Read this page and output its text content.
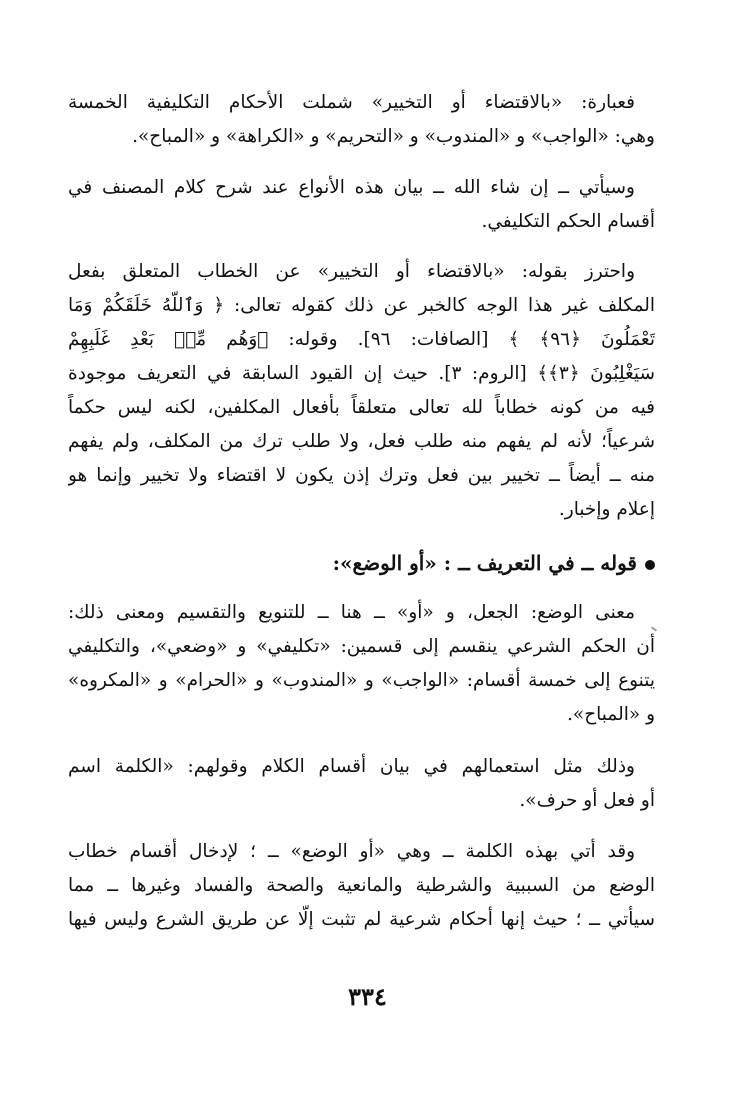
فعبارة: «بالاقتضاء أو التخيير» شملت الأحكام التكليفية الخمسة
وهي: «الواجب» و «المندوب» و «التحريم» و «الكراهة» و «المباح».
وسيأتي ــ إن شاء الله ــ بيان هذه الأنواع عند شرح كلام المصنف في
أقسام الحكم التكليفي.
واحترز بقوله: «بالاقتضاء أو التخيير» عن الخطاب المتعلق بفعل
المكلف غير هذا الوجه كالخبر عن ذلك كقوله تعالى: ﴿ وَٱللَّهُ خَلَقَكُمْ وَمَا
تَعْمَلُونَ ﴿٩٦﴾ ﴾ [الصافات: ٩٦]. وقوله: ﴿وَهُم مِّنۢ بَعْدِ غَلَبِهِمْ
سَيَغْلِبُونَ ﴿٣﴾﴾ [الروم: ٣]. حيث إن القيود السابقة في التعريف موجودة
فيه من كونه خطاباً لله تعالى متعلقاً بأفعال المكلفين، لكنه ليس حكماً
شرعياً؛ لأنه لم يفهم منه طلب فعل، ولا طلب ترك من المكلف، ولم يفهم
منه ــ أيضاً ــ تخيير بين فعل وترك إذن يكون لا اقتضاء ولا تخيير وإنما هو
إعلام وإخبار.
قوله ــ في التعريف ــ : «أو الوضع»:
معنى الوضع: الجعل، و «أو» ــ هنا ــ للتنويع والتقسيم ومعنى ذلك:
أن الحكم الشرعي ينقسم إلى قسمين: «تكليفي» و «وضعي»، والتكليفي
يتنوع إلى خمسة أقسام: «الواجب» و «المندوب» و «الحرام» و «المكروه»
و «المباح».
وذلك مثل استعمالهم في بيان أقسام الكلام وقولهم: «الكلمة اسم
أو فعل أو حرف».
وقد أتي بهذه الكلمة ــ وهي «أو الوضع» ــ ؛ لإدخال أقسام خطاب
الوضع من السببية والشرطية والمانعية والصحة والفساد وغيرها ــ مما
سيأتي ــ ؛ حيث إنها أحكام شرعية لم تثبت إلَّا عن طريق الشرع وليس فيها
٣٣٤
